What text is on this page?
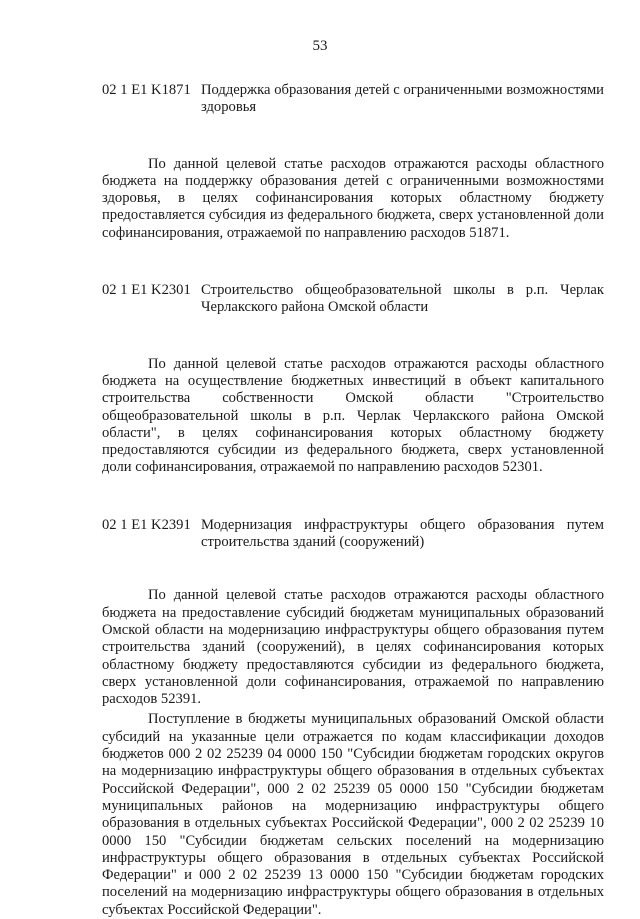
53
02 1 E1 K1871 Поддержка образования детей с ограниченными возможностями здоровья

По данной целевой статье расходов отражаются расходы областного бюджета на поддержку образования детей с ограниченными возможностями здоровья, в целях софинансирования которых областному бюджету предоставляется субсидия из федерального бюджета, сверх установленной доли софинансирования, отражаемой по направлению расходов 51871.

02 1 E1 K2301 Строительство общеобразовательной школы в р.п. Черлак Черлакского района Омской области

По данной целевой статье расходов отражаются расходы областного бюджета на осуществление бюджетных инвестиций в объект капитального строительства собственности Омской области "Строительство общеобразовательной школы в р.п. Черлак Черлакского района Омской области", в целях софинансирования которых областному бюджету предоставляются субсидии из федерального бюджета, сверх установленной доли софинансирования, отражаемой по направлению расходов 52301.

02 1 E1 K2391 Модернизация инфраструктуры общего образования путем строительства зданий (сооружений)

По данной целевой статье расходов отражаются расходы областного бюджета на предоставление субсидий бюджетам муниципальных образований Омской области на модернизацию инфраструктуры общего образования путем строительства зданий (сооружений), в целях софинансирования которых областному бюджету предоставляются субсидии из федерального бюджета, сверх установленной доли софинансирования, отражаемой по направлению расходов 52391.

Поступление в бюджеты муниципальных образований Омской области субсидий на указанные цели отражается по кодам классификации доходов бюджетов 000 2 02 25239 04 0000 150 "Субсидии бюджетам городских округов на модернизацию инфраструктуры общего образования в отдельных субъектах Российской Федерации", 000 2 02 25239 05 0000 150 "Субсидии бюджетам муниципальных районов на модернизацию инфраструктуры общего образования в отдельных субъектах Российской Федерации", 000 2 02 25239 10 0000 150 "Субсидии бюджетам сельских поселений на модернизацию инфраструктуры общего образования в отдельных субъектах Российской Федерации" и 000 2 02 25239 13 0000 150 "Субсидии бюджетам городских поселений на модернизацию инфраструктуры общего образования в отдельных субъектах Российской Федерации".
